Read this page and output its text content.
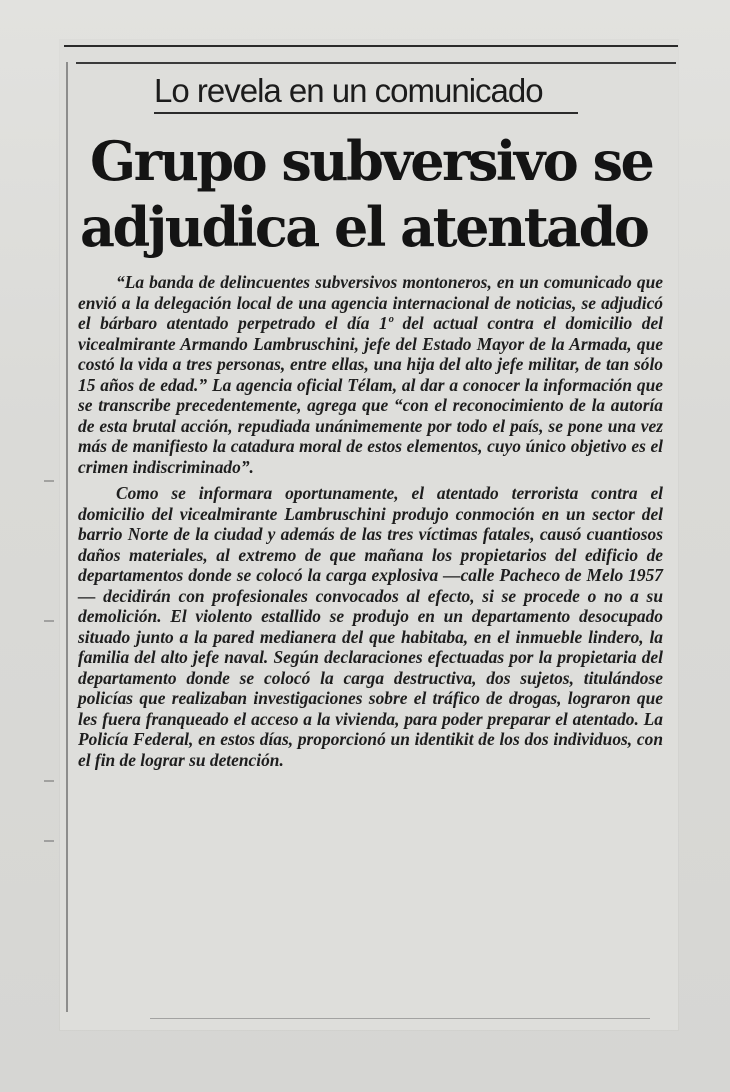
Lo revela en un comunicado
Grupo subversivo se
adjudica el atentado

“La banda de delincuentes subversivos montoneros, en un comunicado que envió a la delegación local de una agencia internacional de noticias, se adjudicó el bárbaro atentado perpetrado el día 1º del actual contra el domicilio del vicealmirante Armando Lambruschini, jefe del Estado Mayor de la Armada, que costó la vida a tres personas, entre ellas, una hija del alto jefe militar, de tan sólo 15 años de edad.” La agencia oficial Télam, al dar a conocer la información que se transcribe precedentemente, agrega que “con el reconocimiento de la autoría de esta brutal acción, repudiada unánimemente por todo el país, se pone una vez más de manifiesto la catadura moral de estos elementos, cuyo único objetivo es el crimen indiscriminado”.

Como se informara oportunamente, el atentado terrorista contra el domicilio del vicealmirante Lambruschini produjo conmoción en un sector del barrio Norte de la ciudad y además de las tres víctimas fatales, causó cuantiosos daños materiales, al extremo de que mañana los propietarios del edificio de departamentos donde se colocó la carga explosiva —calle Pacheco de Melo 1957— decidirán con profesionales convocados al efecto, si se procede o no a su demolición. El violento estallido se produjo en un departamento desocupado situado junto a la pared medianera del que habitaba, en el inmueble lindero, la familia del alto jefe naval. Según declaraciones efectuadas por la propietaria del departamento donde se colocó la carga destructiva, dos sujetos, titulándose policías que realizaban investigaciones sobre el tráfico de drogas, lograron que les fuera franqueado el acceso a la vivienda, para poder preparar el atentado. La Policía Federal, en estos días, proporcionó un identikit de los dos individuos, con el fin de lograr su detención.
